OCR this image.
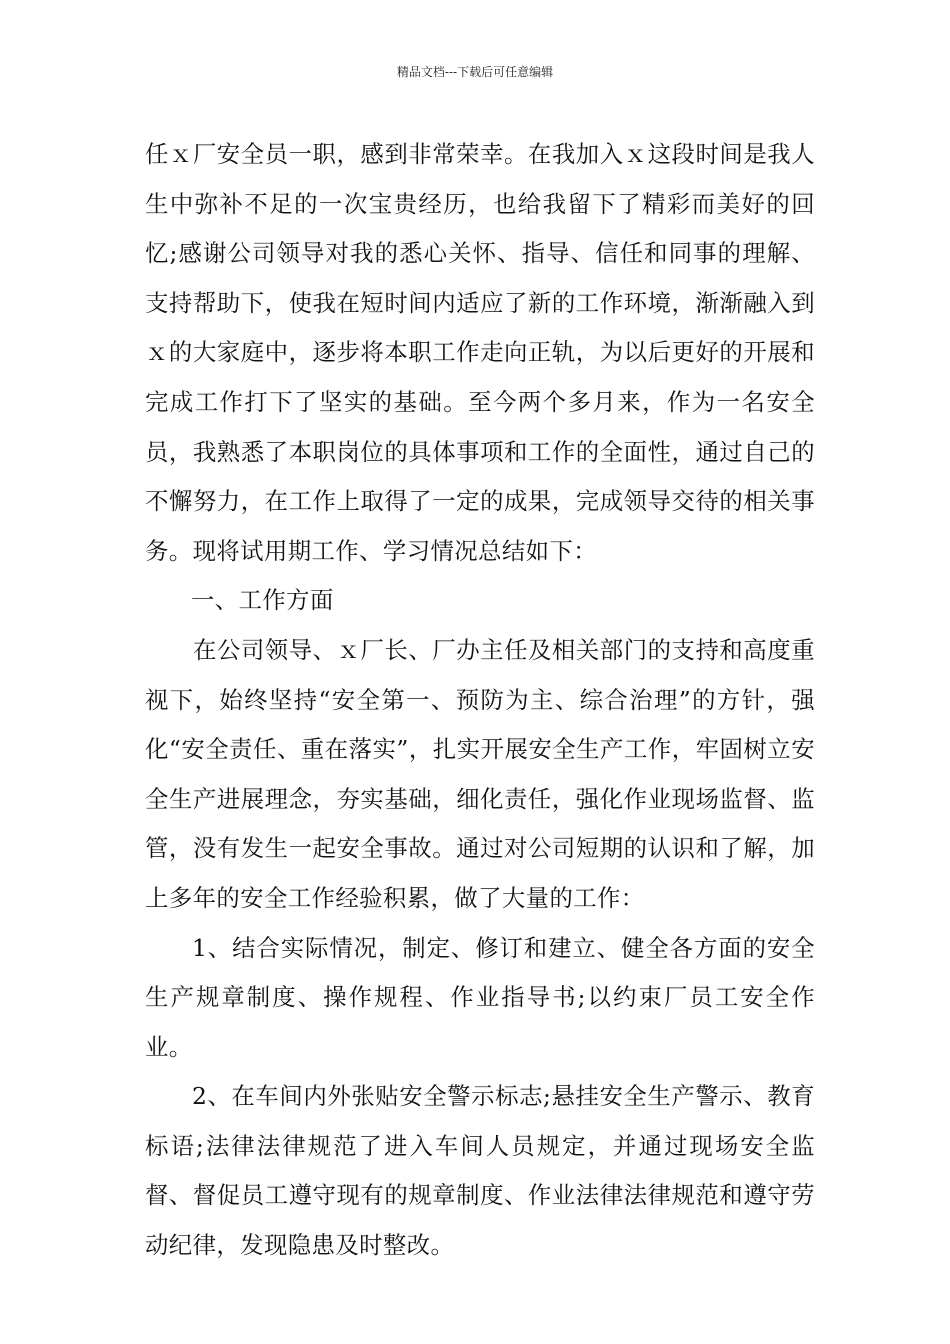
精品文档---下载后可任意编辑

任ｘ厂安全员一职，感到非常荣幸。在我加入ｘ这段时间是我人生中弥补不足的一次宝贵经历，也给我留下了精彩而美好的回忆;感谢公司领导对我的悉心关怀、指导、信任和同事的理解、支持帮助下，使我在短时间内适应了新的工作环境，渐渐融入到ｘ的大家庭中，逐步将本职工作走向正轨，为以后更好的开展和完成工作打下了坚实的基础。至今两个多月来，作为一名安全员，我熟悉了本职岗位的具体事项和工作的全面性，通过自己的不懈努力，在工作上取得了一定的成果，完成领导交待的相关事务。现将试用期工作、学习情况总结如下：

一、工作方面

在公司领导、ｘ厂长、厂办主任及相关部门的支持和高度重视下，始终坚持“安全第一、预防为主、综合治理”的方针，强化“安全责任、重在落实”，扎实开展安全生产工作，牢固树立安全生产进展理念，夯实基础，细化责任，强化作业现场监督、监管，没有发生一起安全事故。通过对公司短期的认识和了解，加上多年的安全工作经验积累，做了大量的工作：

1、结合实际情况，制定、修订和建立、健全各方面的安全生产规章制度、操作规程、作业指导书;以约束厂员工安全作业。

2、在车间内外张贴安全警示标志;悬挂安全生产警示、教育标语;法律法律规范了进入车间人员规定，并通过现场安全监督、督促员工遵守现有的规章制度、作业法律法律规范和遵守劳动纪律，发现隐患及时整改。
